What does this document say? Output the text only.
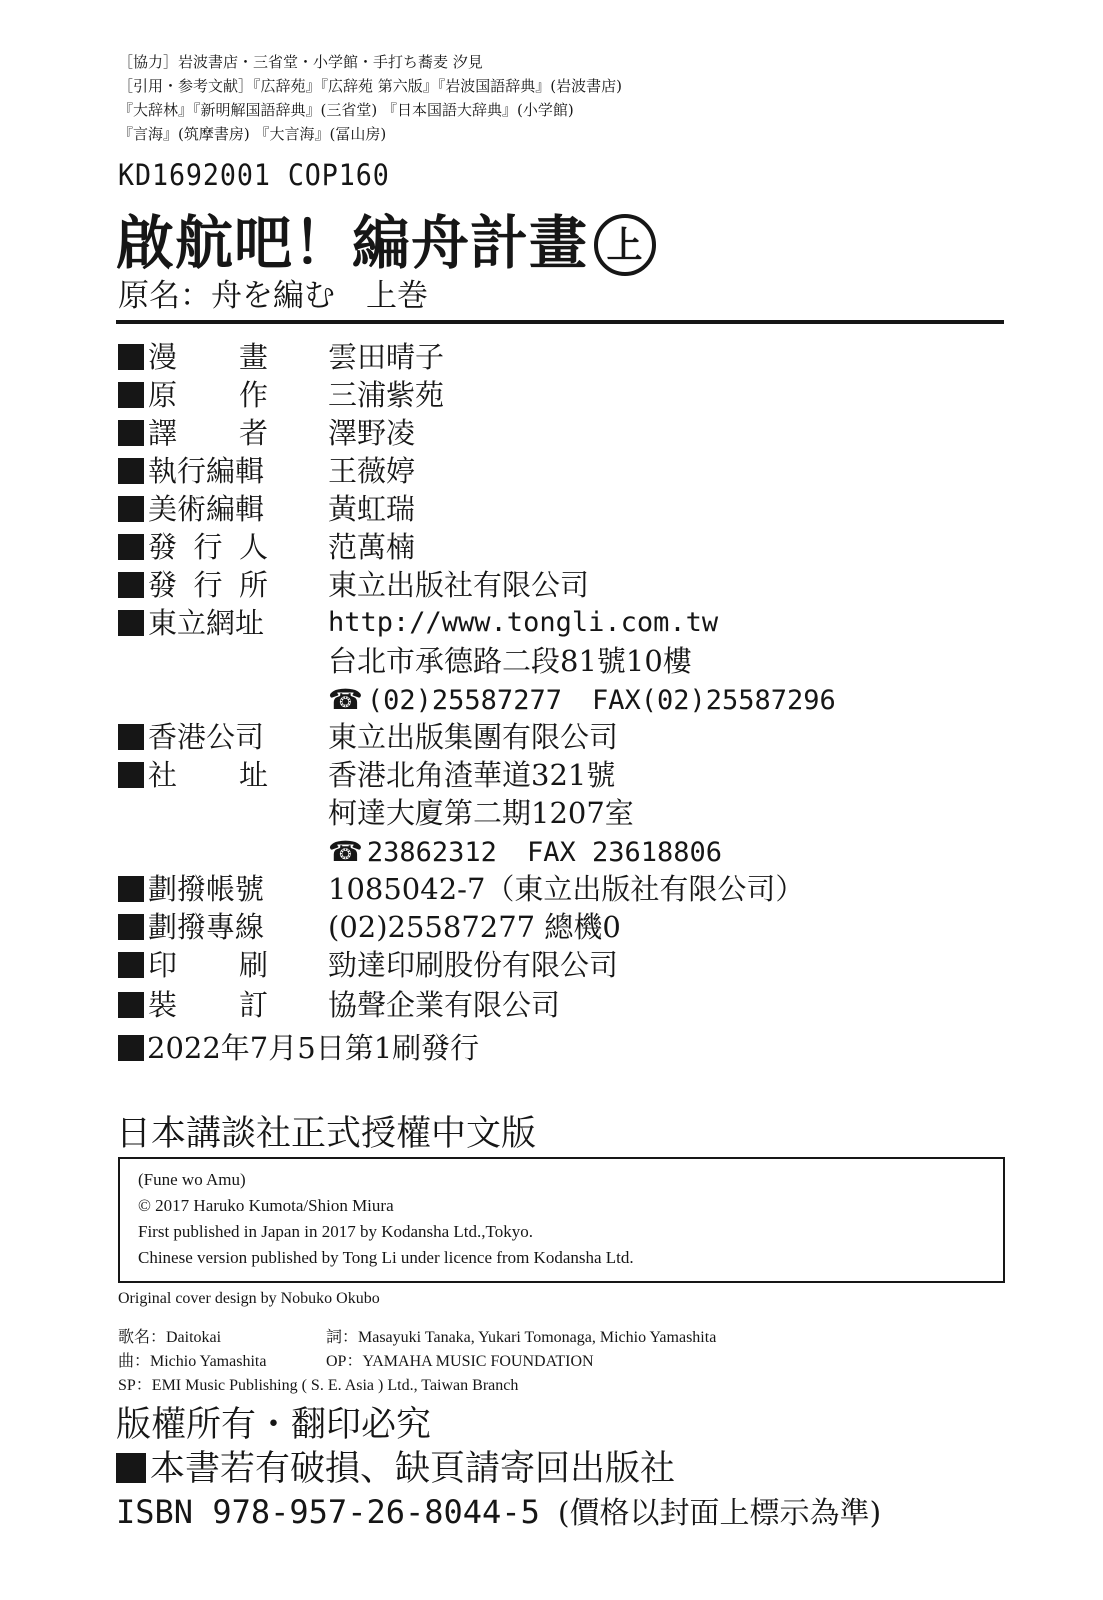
［協力］岩波書店・三省堂・小学館・手打ち蕎麦 汐見
［引用・参考文献］『広辞苑』『広辞苑 第六版』『岩波国語辞典』(岩波書店)
『大辞林』『新明解国語辞典』(三省堂) 『日本国語大辞典』(小学館)
『言海』(筑摩書房) 『大言海』(冨山房)
KD1692001 COP160
啟航吧！編舟計畫 上
原名：舟を編む　上巻
漫 畫 雲田晴子
原 作 三浦紫苑
譯 者 澤野凌
執行編輯 王薇婷
美術編輯 黃虹瑞
發 行 人 范萬楠
發 行 所 東立出版社有限公司
東立網址 http://www.tongli.com.tw
台北市承德路二段81號10樓
☎ (02)25587277 FAX(02)25587296
香港公司 東立出版集團有限公司
社 址 香港北角渣華道321號
柯達大廈第二期1207室
☎ 23862312 FAX 23618806
劃撥帳號 1085042-7（東立出版社有限公司）
劃撥專線 (02)25587277 總機0
印 刷 勁達印刷股份有限公司
裝 訂 協聲企業有限公司
2022年7月5日第1刷發行
日本講談社正式授權中文版
(Fune wo Amu)
© 2017 Haruko Kumota/Shion Miura
First published in Japan in 2017 by Kodansha Ltd.,Tokyo.
Chinese version published by Tong Li under licence from Kodansha Ltd.
Original cover design by Nobuko Okubo
歌名：Daitokai	詞：Masayuki Tanaka, Yukari Tomonaga, Michio Yamashita
曲：Michio Yamashita	OP：YAMAHA MUSIC FOUNDATION
SP：EMI Music Publishing ( S. E. Asia ) Ltd., Taiwan Branch
版權所有・翻印必究
本書若有破損、缺頁請寄回出版社
ISBN 978-957-26-8044-5 (價格以封面上標示為準)
